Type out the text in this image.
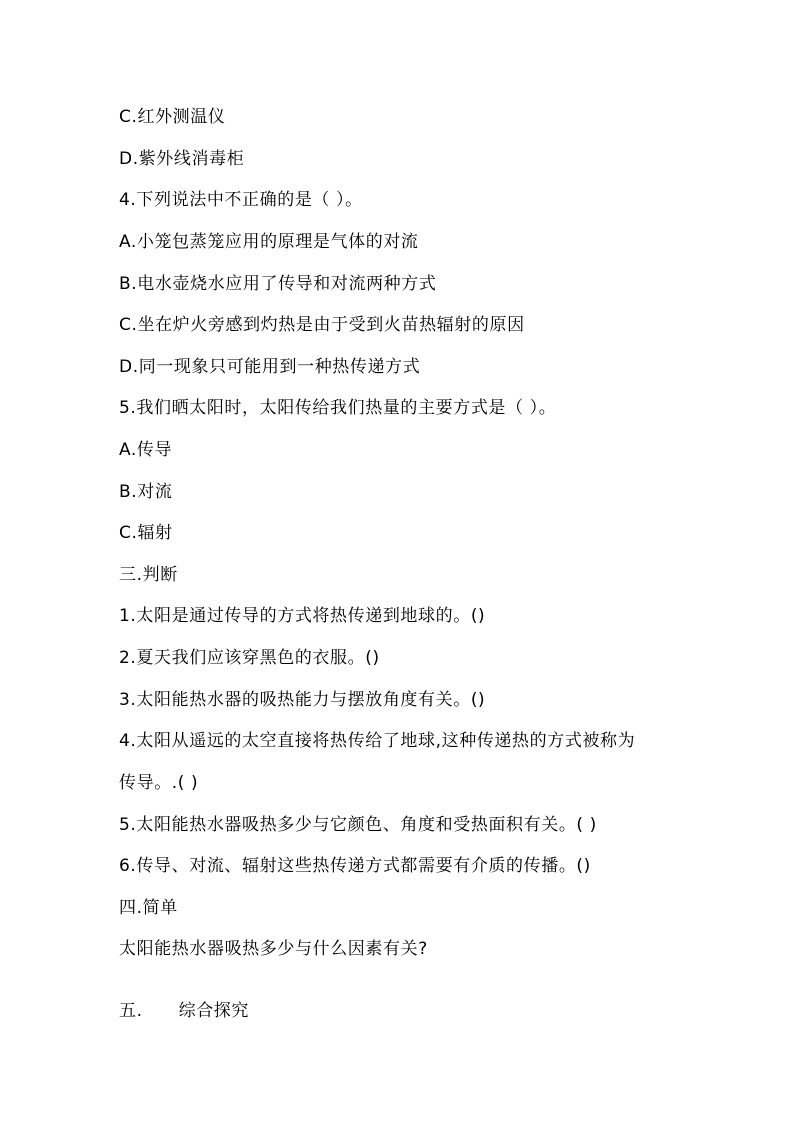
C.红外测温仪
D.紫外线消毒柜
4.下列说法中不正确的是（ ）。
A.小笼包蒸笼应用的原理是气体的对流
B.电水壶烧水应用了传导和对流两种方式
C.坐在炉火旁感到灼热是由于受到火苗热辐射的原因
D.同一现象只可能用到一种热传递方式
5.我们晒太阳时，太阳传给我们热量的主要方式是（ ）。
A.传导
B.对流
C.辐射
三.判断
1.太阳是通过传导的方式将热传递到地球的。()
2.夏天我们应该穿黑色的衣服。()
3.太阳能热水器的吸热能力与摆放角度有关。()
4.太阳从遥远的太空直接将热传给了地球,这种传递热的方式被称为
传导。.( )
5.太阳能热水器吸热多少与它颜色、角度和受热面积有关。( )
6.传导、对流、辐射这些热传递方式都需要有介质的传播。()
四.简单
太阳能热水器吸热多少与什么因素有关?
五. 综合探究
